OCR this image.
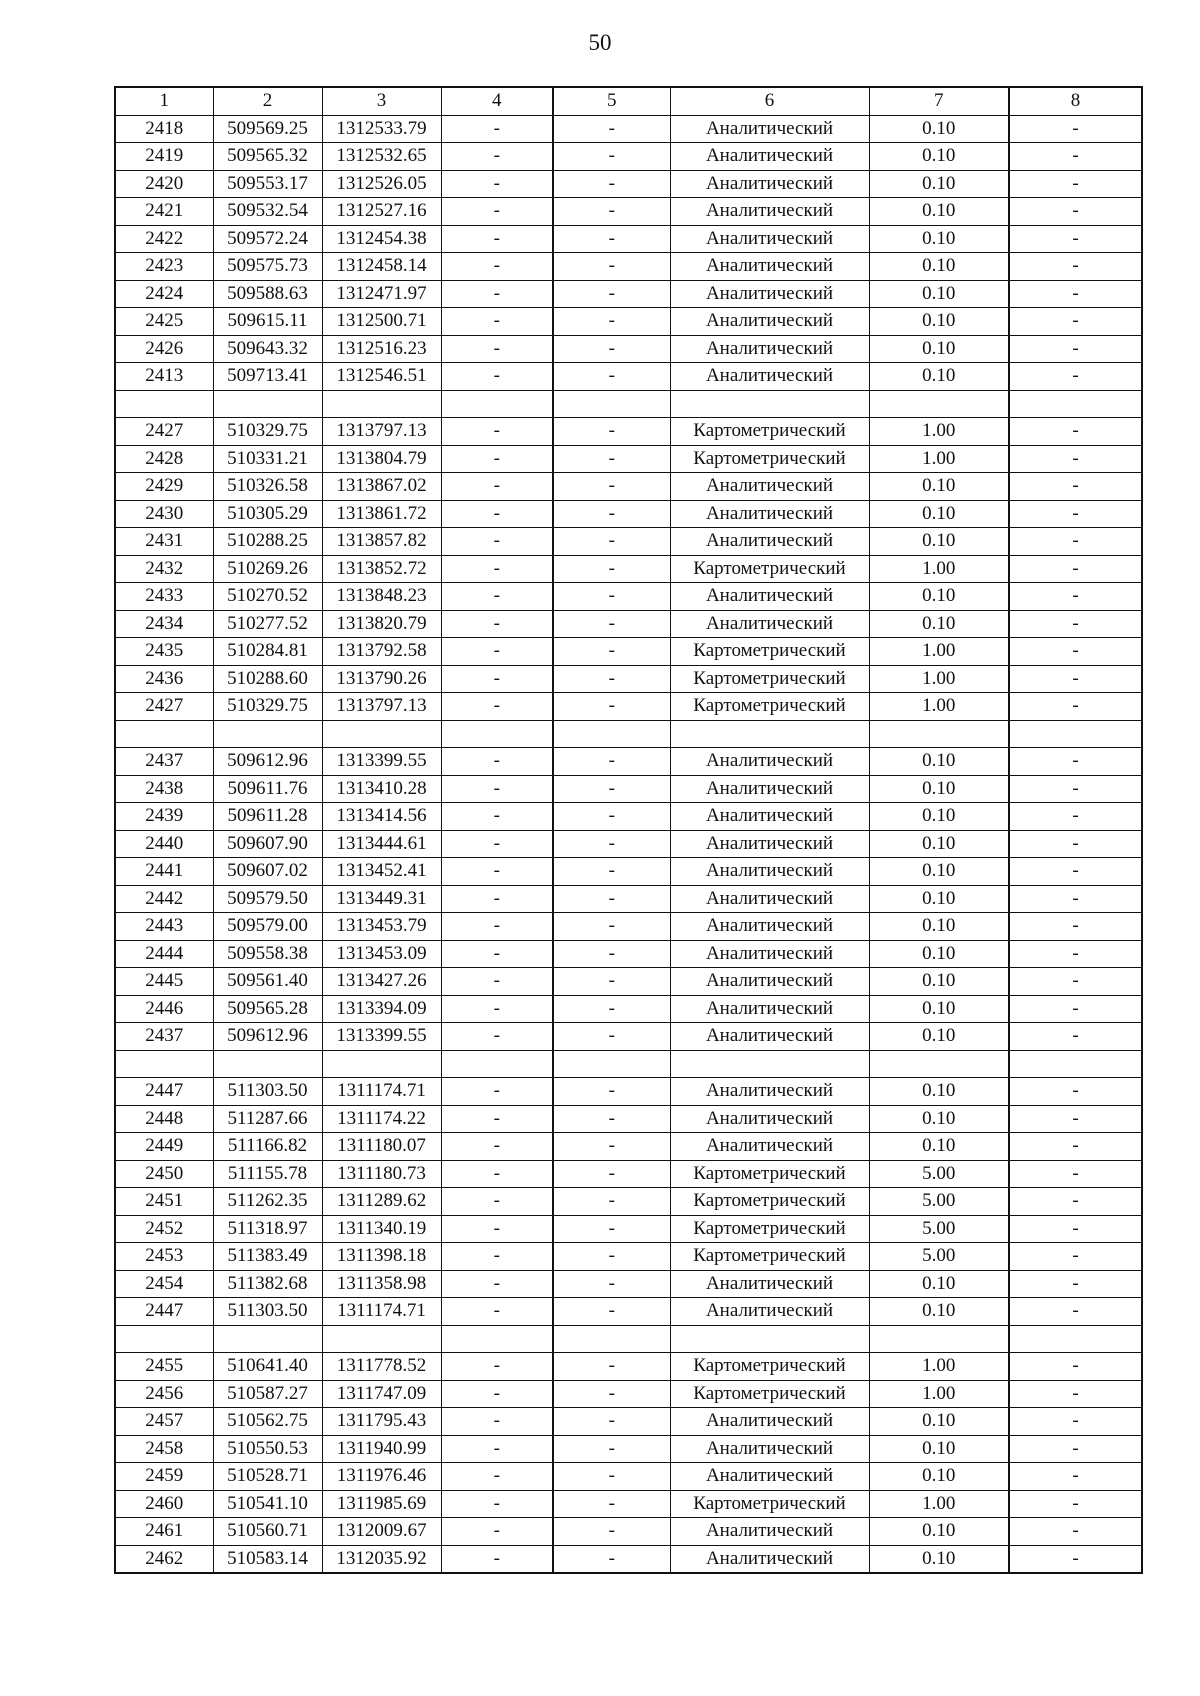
50
1	2	3	4	5	6	7	8
2418	509569.25	1312533.79	-	-	Аналитический	0.10	-
2419	509565.32	1312532.65	-	-	Аналитический	0.10	-
2420	509553.17	1312526.05	-	-	Аналитический	0.10	-
2421	509532.54	1312527.16	-	-	Аналитический	0.10	-
2422	509572.24	1312454.38	-	-	Аналитический	0.10	-
2423	509575.73	1312458.14	-	-	Аналитический	0.10	-
2424	509588.63	1312471.97	-	-	Аналитический	0.10	-
2425	509615.11	1312500.71	-	-	Аналитический	0.10	-
2426	509643.32	1312516.23	-	-	Аналитический	0.10	-
2413	509713.41	1312546.51	-	-	Аналитический	0.10	-

2427	510329.75	1313797.13	-	-	Картометрический	1.00	-
2428	510331.21	1313804.79	-	-	Картометрический	1.00	-
2429	510326.58	1313867.02	-	-	Аналитический	0.10	-
2430	510305.29	1313861.72	-	-	Аналитический	0.10	-
2431	510288.25	1313857.82	-	-	Аналитический	0.10	-
2432	510269.26	1313852.72	-	-	Картометрический	1.00	-
2433	510270.52	1313848.23	-	-	Аналитический	0.10	-
2434	510277.52	1313820.79	-	-	Аналитический	0.10	-
2435	510284.81	1313792.58	-	-	Картометрический	1.00	-
2436	510288.60	1313790.26	-	-	Картометрический	1.00	-
2427	510329.75	1313797.13	-	-	Картометрический	1.00	-

2437	509612.96	1313399.55	-	-	Аналитический	0.10	-
2438	509611.76	1313410.28	-	-	Аналитический	0.10	-
2439	509611.28	1313414.56	-	-	Аналитический	0.10	-
2440	509607.90	1313444.61	-	-	Аналитический	0.10	-
2441	509607.02	1313452.41	-	-	Аналитический	0.10	-
2442	509579.50	1313449.31	-	-	Аналитический	0.10	-
2443	509579.00	1313453.79	-	-	Аналитический	0.10	-
2444	509558.38	1313453.09	-	-	Аналитический	0.10	-
2445	509561.40	1313427.26	-	-	Аналитический	0.10	-
2446	509565.28	1313394.09	-	-	Аналитический	0.10	-
2437	509612.96	1313399.55	-	-	Аналитический	0.10	-

2447	511303.50	1311174.71	-	-	Аналитический	0.10	-
2448	511287.66	1311174.22	-	-	Аналитический	0.10	-
2449	511166.82	1311180.07	-	-	Аналитический	0.10	-
2450	511155.78	1311180.73	-	-	Картометрический	5.00	-
2451	511262.35	1311289.62	-	-	Картометрический	5.00	-
2452	511318.97	1311340.19	-	-	Картометрический	5.00	-
2453	511383.49	1311398.18	-	-	Картометрический	5.00	-
2454	511382.68	1311358.98	-	-	Аналитический	0.10	-
2447	511303.50	1311174.71	-	-	Аналитический	0.10	-

2455	510641.40	1311778.52	-	-	Картометрический	1.00	-
2456	510587.27	1311747.09	-	-	Картометрический	1.00	-
2457	510562.75	1311795.43	-	-	Аналитический	0.10	-
2458	510550.53	1311940.99	-	-	Аналитический	0.10	-
2459	510528.71	1311976.46	-	-	Аналитический	0.10	-
2460	510541.10	1311985.69	-	-	Картометрический	1.00	-
2461	510560.71	1312009.67	-	-	Аналитический	0.10	-
2462	510583.14	1312035.92	-	-	Аналитический	0.10	-
